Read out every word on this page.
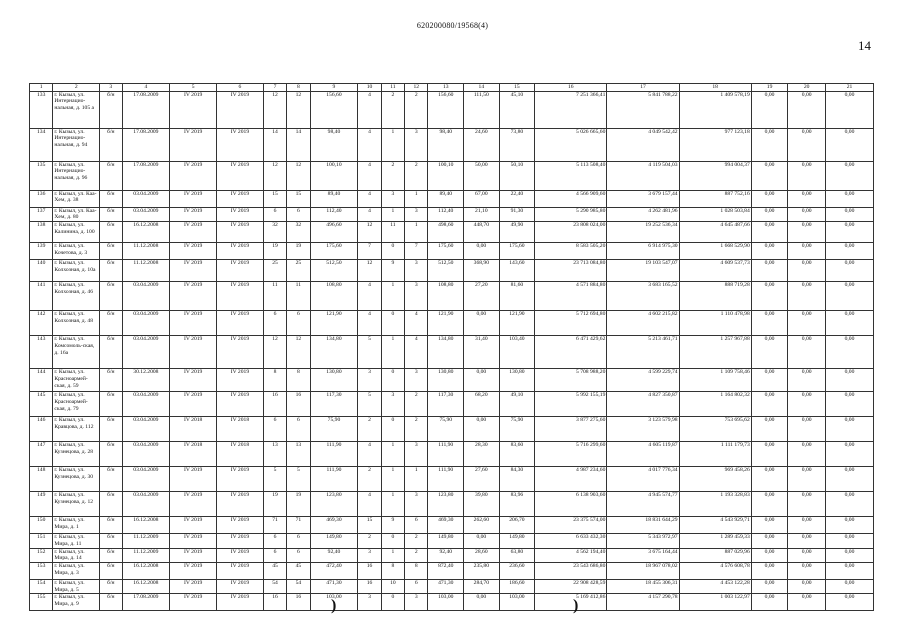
620200080/19568(4)
14
1	2	3	4	5	6	7	8	9	10	11	12	13	14	15	16	17	18	19	20	21
133	г. Кызыл, ул. Интернацио-нальная, д. 105 а	б/н	17.08.2009	IV 2019	IV 2019	12	12	156,60	4	2	2	156,60	111,50	45,10	7 251 366,41	5 841 788,22	1 409 578,19	0,00	0,00	0,00
134	г. Кызыл, ул. Интернацио-нальная, д. 94	б/н	17.08.2009	IV 2019	IV 2019	14	14	98,40	4	1	3	98,40	24,60	73,80	5 026 665,60	4 049 542,42	977 123,18	0,00	0,00	0,00
135	г. Кызыл, ул. Интернацио-нальная, д. 96	б/н	17.08.2009	IV 2019	IV 2019	12	12	100,10	4	2	2	100,10	50,00	50,10	5 113 508,40	4 119 504,03	994 004,37	0,00	0,00	0,00
136	г. Кызыл, ул. Каа-Хем, д. 38	б/н	03.04.2009	IV 2019	IV 2019	15	15	89,40	4	3	1	89,40	67,00	22,40	4 566 909,60	3 679 157,44	887 752,16	0,00	0,00	0,00
137	г. Кызыл, ул. Каа-Хем, д. 80	б/н	03.04.2009	IV 2019	IV 2019	6	6	112,40	4	1	3	112,40	21,10	91,30	5 290 985,80	4 262 481,96	1 028 503,84	0,00	0,00	0,00
138	г. Кызыл, ул. Калинина, д. 100	б/н	16.12.2008	IV 2019	IV 2019	32	32	496,60	12	11	1	498,60	448,70	49,90	23 808 024,00	19 252 536,34	4 645 487,66	0,00	0,00	0,00
139	г. Кызыл, ул. Кочетова, д. 3	б/н	11.12.2008	IV 2019	IV 2019	19	19	175,60	7	0	7	175,60	0,00	175,60	8 583 505,20	6 914 975,30	1 668 529,90	0,00	0,00	0,00
140	г. Кызыл, ул. Колхозная, д. 10а	б/н	11.12.2008	IV 2019	IV 2019	25	25	512,50	12	9	3	512,50	368,90	143,60	23 713 084,80	19 103 547,07	4 609 537,73	0,00	0,00	0,00
141	г. Кызыл, ул. Колхозная, д. 46	б/н	03.04.2009	IV 2019	IV 2019	11	11	108,80	4	1	3	108,80	27,20	81,60	4 571 884,80	3 683 165,52	888 719,28	0,00	0,00	0,00
142	г. Кызыл, ул. Колхозная, д. 48	б/н	03.04.2009	IV 2019	IV 2019	6	6	121,90	4	0	4	121,90	0,00	121,90	5 712 694,80	4 602 215,82	1 110 478,98	0,00	0,00	0,00
143	г. Кызыл, ул. Комсомоль-ская, д. 16а	б/н	03.04.2009	IV 2019	IV 2019	12	12	134,80	5	1	4	134,80	31,40	103,40	6 471 429,62	5 213 461,71	1 257 967,88	0,00	0,00	0,00
144	г. Кызыл, ул. Красноармей-ская, д. 59	б/н	30.12.2008	IV 2019	IV 2019	8	8	130,80	3	0	3	130,80	0,00	130,80	5 708 988,20	4 599 229,74	1 109 758,46	0,00	0,00	0,00
145	г. Кызыл, ул. Красноармей-ская, д. 79	б/н	03.04.2009	IV 2019	IV 2019	16	16	117,30	5	3	2	117,30	68,20	49,10	5 992 155,19	4 827 350,87	1 164 802,32	0,00	0,00	0,00
146	г. Кызыл, ул. Кравцова, д. 112	б/н	03.04.2009	IV 2018	IV 2018	6	6	75,90	2	0	2	75,90	0,00	75,90	3 877 275,60	3 123 579,98	753 695,62	0,00	0,00	0,00
147	г. Кызыл, ул. Кузнецова, д. 28	б/н	03.04.2009	IV 2018	IV 2018	13	13	111,90	4	1	3	111,90	28,30	83,60	5 716 299,60	4 605 119,87	1 111 179,73	0,00	0,00	0,00
148	г. Кызыл, ул. Кузнецова, д. 30	б/н	03.04.2009	IV 2019	IV 2019	5	5	111,90	2	1	1	111,90	27,60	84,30	4 987 234,60	4 017 776,34	969 458,26	0,00	0,00	0,00
149	г. Кызыл, ул. Кузнецова, д. 12	б/н	03.04.2009	IV 2019	IV 2019	19	19	123,80	4	1	3	123,80	39,80	83,96	6 138 903,60	4 945 574,77	1 193 328,83	0,00	0,00	0,00
150	г. Кызыл, ул. Мира, д. 1	б/н	16.12.2008	IV 2019	IV 2019	71	71	469,30	15	9	6	469,30	262,60	206,70	23 375 574,00	18 831 644,29	4 543 929,71	0,00	0,00	0,00
151	г. Кызыл, ул. Мира, д. 11	б/н	11.12.2009	IV 2019	IV 2019	6	6	149,80	2	0	2	149,80	0,00	149,80	6 633 432,30	5 343 972,97	1 289 459,33	0,00	0,00	0,00
152	г. Кызыл, ул. Мира, д. 14	б/н	11.12.2009	IV 2019	IV 2019	6	6	92,40	3	1	2	92,40	28,60	63,80	4 562 194,40	3 675 164,44	887 029,96	0,00	0,00	0,00
153	г. Кызыл, ул. Мира, д. 3	б/н	16.12.2008	IV 2019	IV 2019	45	45	472,40	16	8	8	872,40	235,80	236,60	23 543 686,80	18 967 078,02	4 576 608,78	0,00	0,00	0,00
154	г. Кызыл, ул. Мира, д. 5	б/н	16.12.2008	IV 2019	IV 2019	54	54	471,30	16	10	6	471,30	284,70	186,60	22 908 428,59	18 455 306,31	4 453 122,28	0,00	0,00	0,00
155	г. Кызыл, ул. Мира, д. 9	б/н	17.08.2009	IV 2019	IV 2019	16	16	103,00	3	0	3	103,00	0,00	103,00	5 169 412,86	4 157 290,78	1 003 122,97	0,00	0,00	0,00
)	)
